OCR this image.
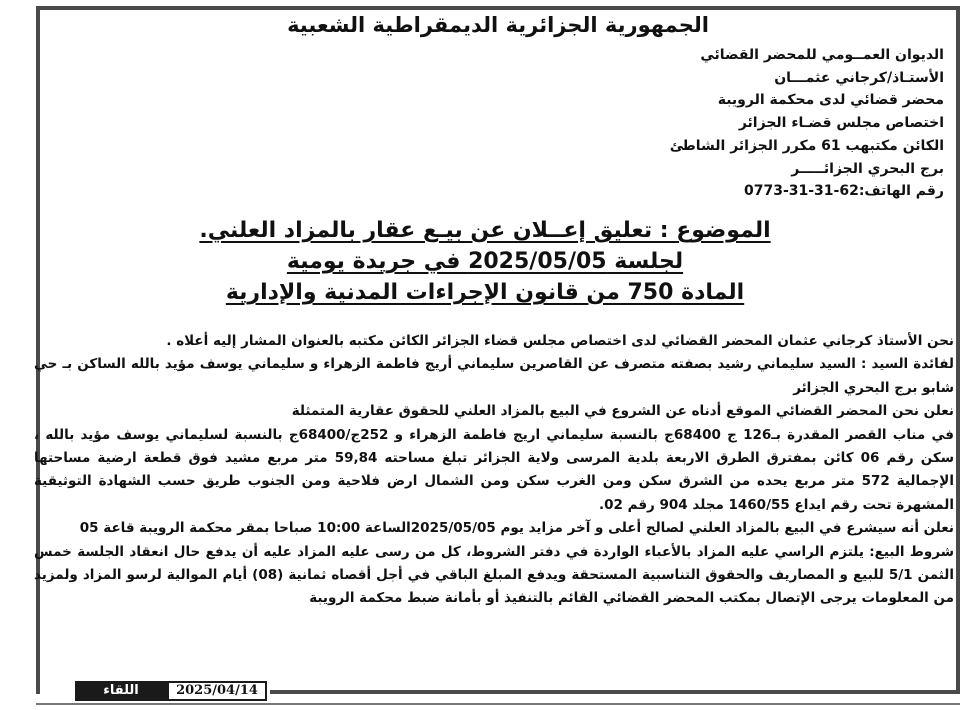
الجمهورية الجزائرية الديمقراطية الشعبية
الديوان العمــومي للمحضر القضائي
الأستـاذ/كرجاني عثمـــان
محضر قضائي لدى محكمة الرويبة
اختصاص مجلس قضـاء الجزائر
الكائن مكتبهب 61 مكرر الجزائر الشاطئ
برج البحري الجزائـــــر
رقم الهاتف:62-31-31-0773
الموضوع : تعليق إعــلان عن بيـع عقار بالمزاد العلني.
لجلسة 2025/05/05 في جريدة يومية
المادة 750 من قانون الإجراءات المدنية والإدارية

نحن الأستاذ كرجاني عثمان المحضر القضائي لدى اختصاص مجلس قضاء الجزائر الكائن مكتبه بالعنوان المشار إليه أعلاه .

لفائدة السيد : السيد سليماني رشيد بصفته متصرف عن القاصرين سليماني أريج فاطمة الزهراء و سليماني يوسف مؤيد بالله الساكن بـ حي شابو برج البحري الجزائر

نعلن نحن المحضر القضائي الموقع أدناه عن الشروع في البيع بالمزاد العلني للحقوق عقارية المتمثلة

في مناب القصر المقدرة بـ126 ج 68400ج بالنسبة سليماني اريج فاطمة الزهراء و 252ج/68400ج بالنسبة لسليماني يوسف مؤيد بالله ، سكن رقم 06 كائن بمفترق الطرق الاربعة بلدية المرسى ولاية الجزائر تبلغ مساحته 59,84 متر مربع مشيد فوق قطعة ارضية مساحتها الإجمالية 572 متر مربع يحده من الشرق سكن ومن الغرب سكن ومن الشمال ارض فلاحية ومن الجنوب طريق حسب الشهادة التوثيقية المشهرة تحت رقم ايداع 1460/55 مجلد 904 رقم 02.

نعلن أنه سيشرع في البيع بالمزاد العلني لصالح أعلى و آخر مزايد يوم 2025/05/05الساعة 10:00 صباحا بمقر محكمة الرويبة قاعة 05

شروط البيع: يلتزم الراسي عليه المزاد بالأعباء الواردة في دفتر الشروط، كل من رسى عليه المزاد عليه أن يدفع حال انعقاد الجلسة خمس الثمن 5/1 للبيع و المصاريف والحقوق التناسبية المستحقة ويدفع المبلغ الباقي في أجل أقصاه ثمانية (08) أيام الموالية لرسو المزاد ولمزيد من المعلومات يرجى الإتصال بمكتب المحضر القضائي القائم بالتنفيذ أو بأمانة ضبط محكمة الرويبة

اللقاء	2025/04/14
